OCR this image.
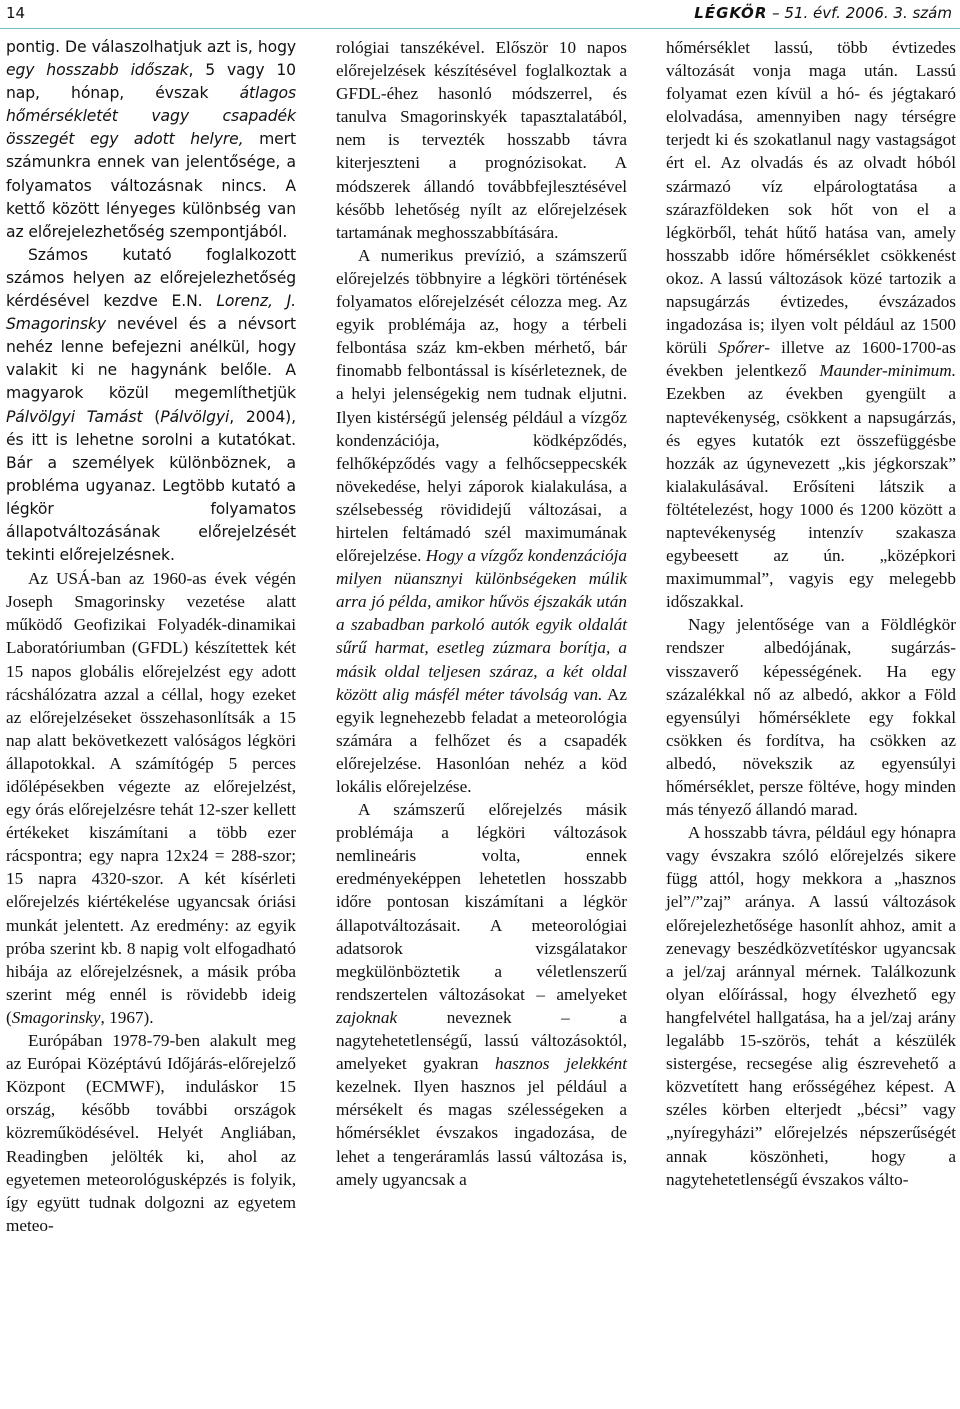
14	LÉGKÖR – 51. évf. 2006. 3. szám

pontig. De válaszolhatjuk azt is, hogy egy hosszabb időszak, 5 vagy 10 nap, hónap, évszak átlagos hőmérsékletét vagy csapadék összegét egy adott helyre, mert számunkra ennek van jelentősége, a folyamatos változásnak nincs. A kettő között lényeges különbség van az előrejelezhetőség szempontjából.

Számos kutató foglalkozott számos helyen az előrejelezhetőség kérdésével kezdve E.N. Lorenz, J. Smagorinsky nevével és a névsort nehéz lenne befejezni anélkül, hogy valakit ki ne hagynánk belőle. A magyarok közül megemlíthetjük Pálvölgyi Tamást (Pálvölgyi, 2004), és itt is lehetne sorolni a kutatókat. Bár a személyek különböznek, a probléma ugyanaz. Legtöbb kutató a légkör folyamatos állapotváltozásának előrejelzését tekinti előrejelzésnek.

Az USÁ-ban az 1960-as évek végén Joseph Smagorinsky vezetése alatt működő Geofizikai Folyadék-dinamikai Laboratóriumban (GFDL) készítettek két 15 napos globális előrejelzést egy adott rácshálózatra azzal a céllal, hogy ezeket az előrejelzéseket összehasonlítsák a 15 nap alatt bekövetkezett valóságos légköri állapotokkal. A számítógép 5 perces időlépésekben végezte az előrejelzést, egy órás előrejelzésre tehát 12-szer kellett értékeket kiszámítani a több ezer rácspontra; egy napra 12x24 = 288-szor; 15 napra 4320-szor. A két kísérleti előrejelzés kiértékelése ugyancsak óriási munkát jelentett. Az eredmény: az egyik próba szerint kb. 8 napig volt elfogadható hibája az előrejelzésnek, a másik próba szerint még ennél is rövidebb ideig (Smagorinsky, 1967).

Európában 1978-79-ben alakult meg az Európai Középtávú Időjárás-előrejelző Központ (ECMWF), induláskor 15 ország, később további országok közreműködésével. Helyét Angliában, Readingben jelölték ki, ahol az egyetemen meteorológusképzés is folyik, így együtt tudnak dolgozni az egyetem meteo-

rológiai tanszékével. Először 10 napos előrejelzések készítésével foglalkoztak a GFDL-éhez hasonló módszerrel, és tanulva Smagorinskyék tapasztalatából, nem is tervezték hosszabb távra kiterjeszteni a prognózisokat. A módszerek állandó továbbfejlesztésével később lehetőség nyílt az előrejelzések tartamának meghosszabbítására.

A numerikus prevízió, a számszerű előrejelzés többnyire a légköri történések folyamatos előrejelzését célozza meg. Az egyik problémája az, hogy a térbeli felbontása száz km-ekben mérhető, bár finomabb felbontással is kísérleteznek, de a helyi jelenségekig nem tudnak eljutni. Ilyen kistérségű jelenség például a vízgőz kondenzációja, ködképződés, felhőképződés vagy a felhőcseppecskék növekedése, helyi záporok kialakulása, a szélsebesség rövididejű változásai, a hirtelen feltámadó szél maximumának előrejelzése. Hogy a vízgőz kondenzációja milyen nüansznyi különbségeken múlik arra jó példa, amikor hűvös éjszakák után a szabadban parkoló autók egyik oldalát sűrű harmat, esetleg zúzmara borítja, a másik oldal teljesen száraz, a két oldal között alig másfél méter távolság van. Az egyik legnehezebb feladat a meteorológia számára a felhőzet és a csapadék előrejelzése. Hasonlóan nehéz a köd lokális előrejelzése.

A számszerű előrejelzés másik problémája a légköri változások nemlineáris volta, ennek eredményeképpen lehetetlen hosszabb időre pontosan kiszámítani a légkör állapotváltozásait. A meteorológiai adatsorok vizsgálatakor megkülönböztetik a véletlenszerű rendszertelen változásokat – amelyeket zajoknak neveznek – a nagytehetetlenségű, lassú változásoktól, amelyeket gyakran hasznos jelekként kezelnek. Ilyen hasznos jel például a mérsékelt és magas szélességeken a hőmérséklet évszakos ingadozása, de lehet a tengeráramlás lassú változása is, amely ugyancsak a

hőmérséklet lassú, több évtizedes változását vonja maga után. Lassú folyamat ezen kívül a hó- és jégtakaró elolvadása, amennyiben nagy térségre terjedt ki és szokatlanul nagy vastagságot ért el. Az olvadás és az olvadt hóból származó víz elpárologtatása a szárazföldeken sok hőt von el a légkörből, tehát hűtő hatása van, amely hosszabb időre hőmérséklet csökkenést okoz. A lassú változások közé tartozik a napsugárzás évtizedes, évszázados ingadozása is; ilyen volt például az 1500 körüli Spőrer- illetve az 1600-1700-as években jelentkező Maunder-minimum. Ezekben az években gyengült a naptevékenység, csökkent a napsugárzás, és egyes kutatók ezt összefüggésbe hozzák az úgynevezett „kis jégkorszak” kialakulásával. Erősíteni látszik a föltételezést, hogy 1000 és 1200 között a naptevékenység intenzív szakasza egybeesett az ún. „középkori maximummal”, vagyis egy melegebb időszakkal.

Nagy jelentősége van a Földlégkör rendszer albedójának, sugárzás-visszaverő képességének. Ha egy százalékkal nő az albedó, akkor a Föld egyensúlyi hőmérséklete egy fokkal csökken és fordítva, ha csökken az albedó, növekszik az egyensúlyi hőmérséklet, persze föltéve, hogy minden más tényező állandó marad.

A hosszabb távra, például egy hónapra vagy évszakra szóló előrejelzés sikere függ attól, hogy mekkora a „hasznos jel”/”zaj” aránya. A lassú változások előrejelezhetősége hasonlít ahhoz, amit a zenevagy beszédközvetítéskor ugyancsak a jel/zaj aránnyal mérnek. Találkozunk olyan előírással, hogy élvezhető egy hangfelvétel hallgatása, ha a jel/zaj arány legalább 15-szörös, tehát a készülék sistergése, recsegése alig észrevehető a közvetített hang erősségéhez képest. A széles körben elterjedt „bécsi” vagy „nyíregyházi” előrejelzés népszerűségét annak köszönheti, hogy a nagytehetetlenségű évszakos válto-
